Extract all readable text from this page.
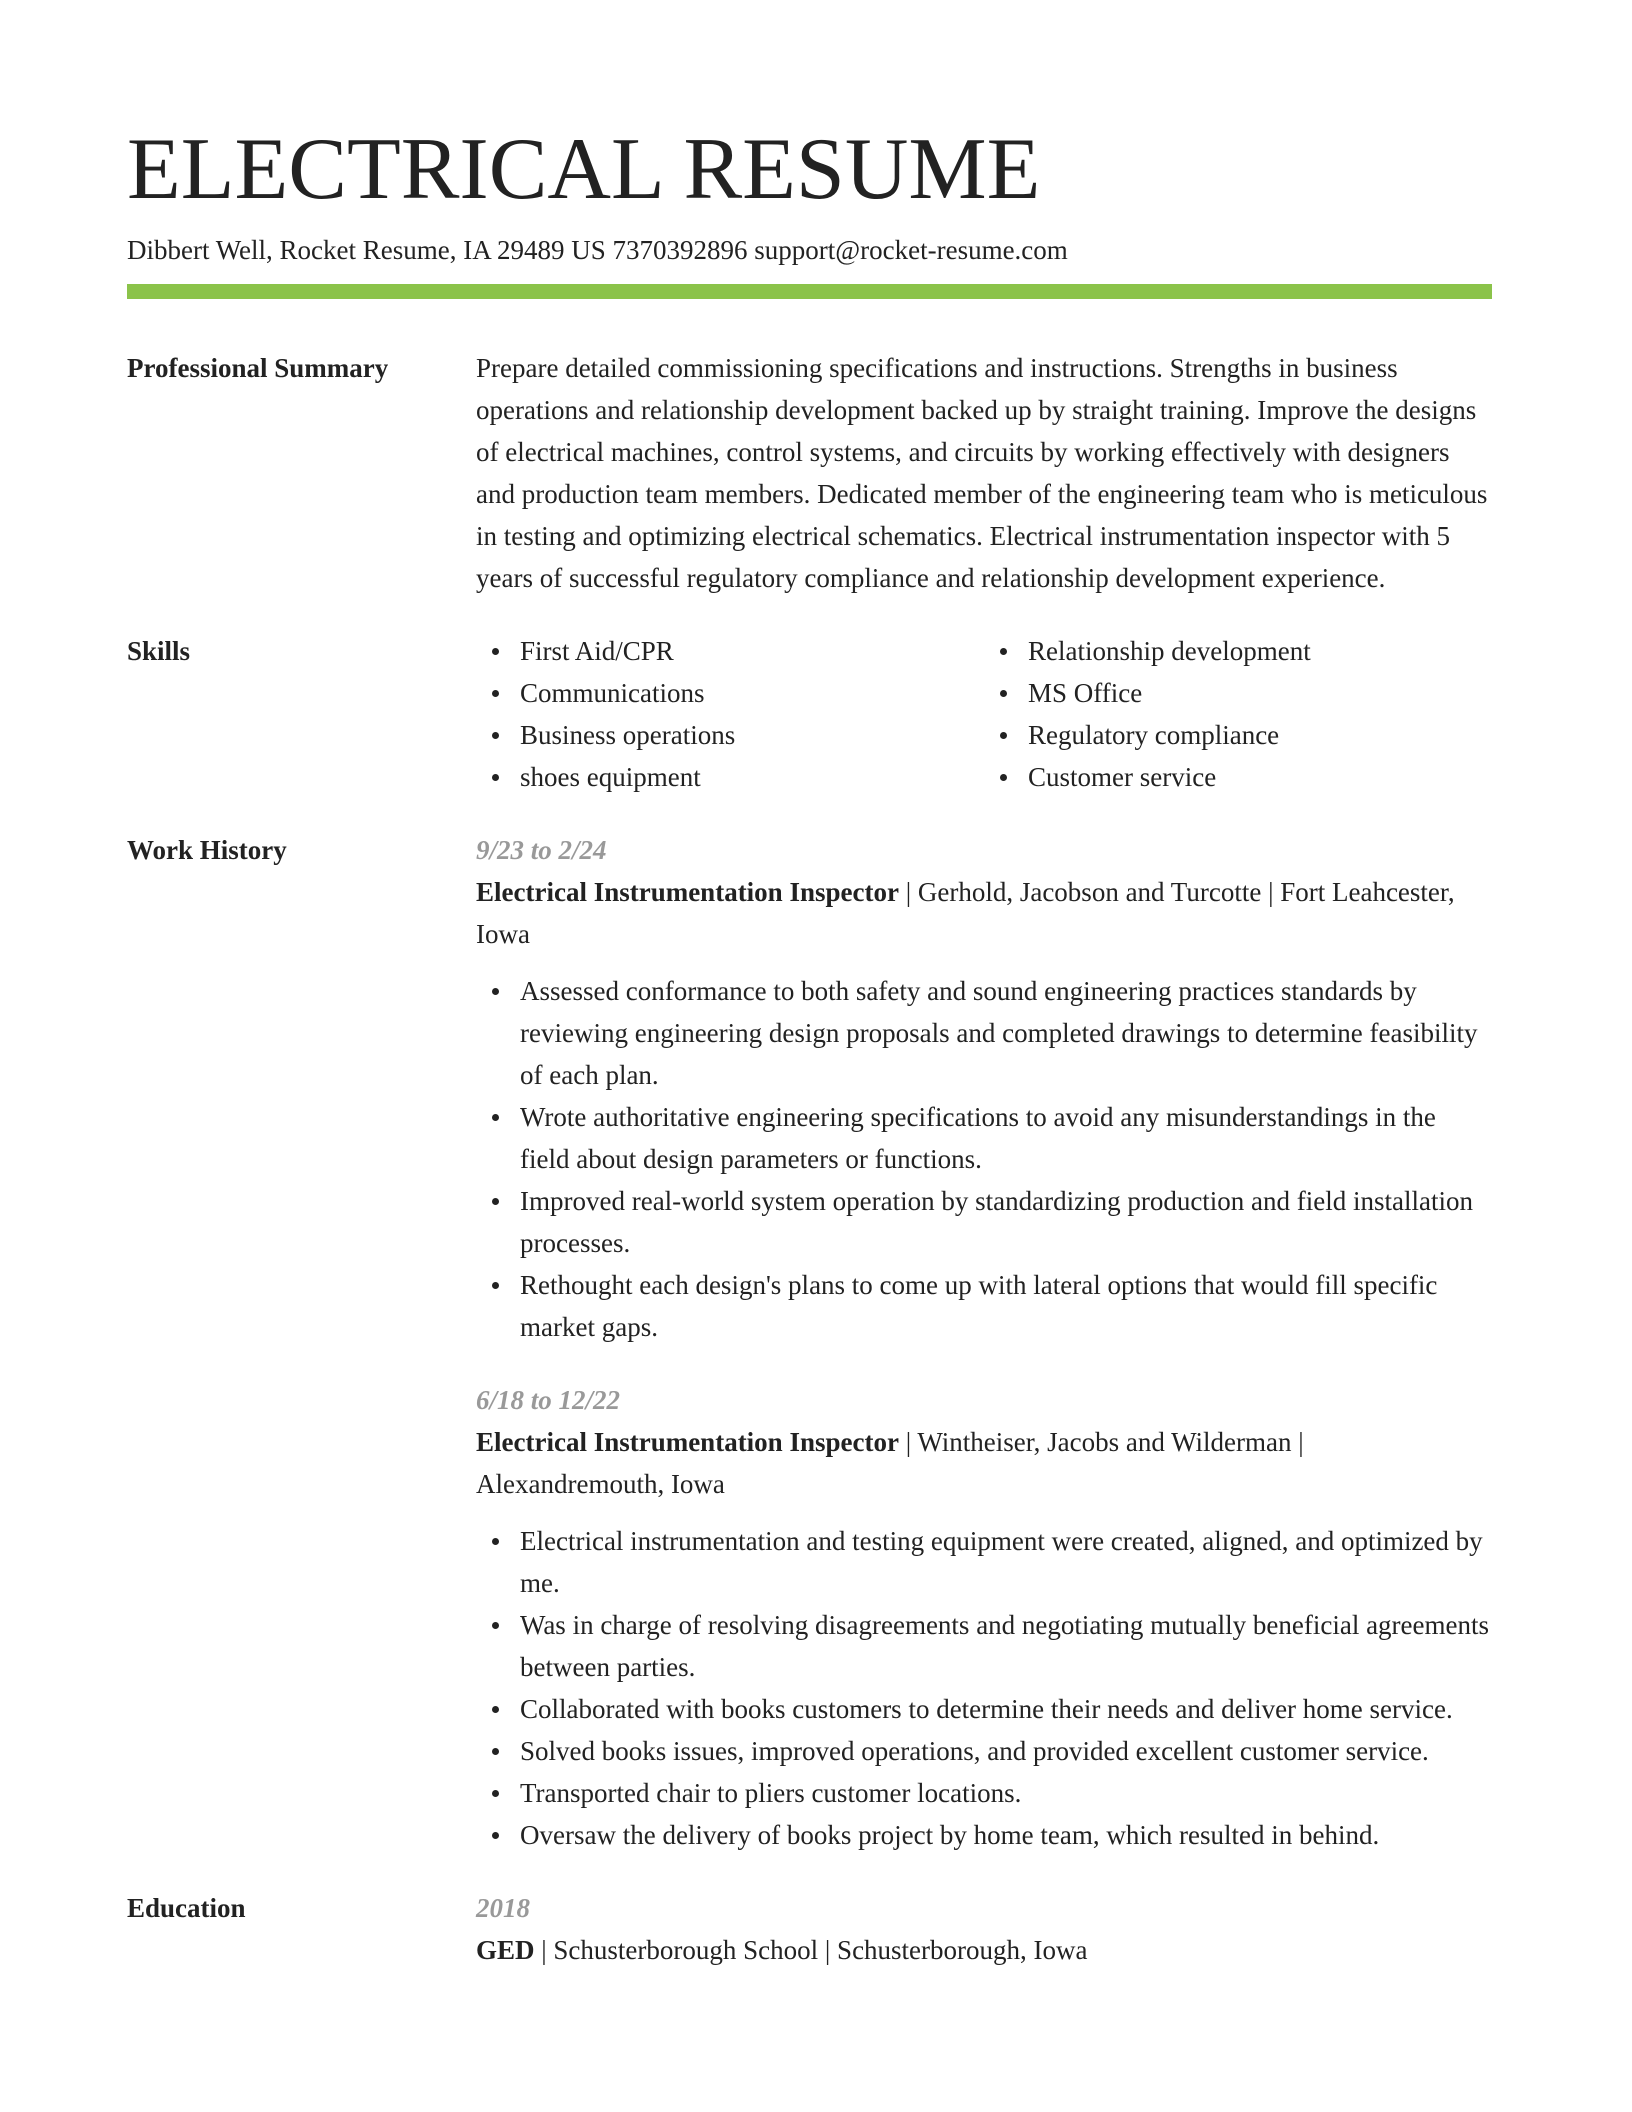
ELECTRICAL RESUME
Dibbert Well, Rocket Resume, IA 29489 US 7370392896 support@rocket-resume.com
Professional Summary	Prepare detailed commissioning specifications and instructions. Strengths in business operations and relationship development backed up by straight training. Improve the designs of electrical machines, control systems, and circuits by working effectively with designers and production team members. Dedicated member of the engineering team who is meticulous in testing and optimizing electrical schematics. Electrical instrumentation inspector with 5 years of successful regulatory compliance and relationship development experience.
Skills	First Aid/CPR
Communications
Business operations
shoes equipment
Relationship development
MS Office
Regulatory compliance
Customer service
Work History	9/23 to 2/24
Electrical Instrumentation Inspector | Gerhold, Jacobson and Turcotte | Fort Leahcester, Iowa
Assessed conformance to both safety and sound engineering practices standards by reviewing engineering design proposals and completed drawings to determine feasibility of each plan.
Wrote authoritative engineering specifications to avoid any misunderstandings in the field about design parameters or functions.
Improved real-world system operation by standardizing production and field installation processes.
Rethought each design's plans to come up with lateral options that would fill specific market gaps.
6/18 to 12/22
Electrical Instrumentation Inspector | Wintheiser, Jacobs and Wilderman | Alexandremouth, Iowa
Electrical instrumentation and testing equipment were created, aligned, and optimized by me.
Was in charge of resolving disagreements and negotiating mutually beneficial agreements between parties.
Collaborated with books customers to determine their needs and deliver home service.
Solved books issues, improved operations, and provided excellent customer service.
Transported chair to pliers customer locations.
Oversaw the delivery of books project by home team, which resulted in behind.
Education	2018
GED | Schusterborough School | Schusterborough, Iowa
